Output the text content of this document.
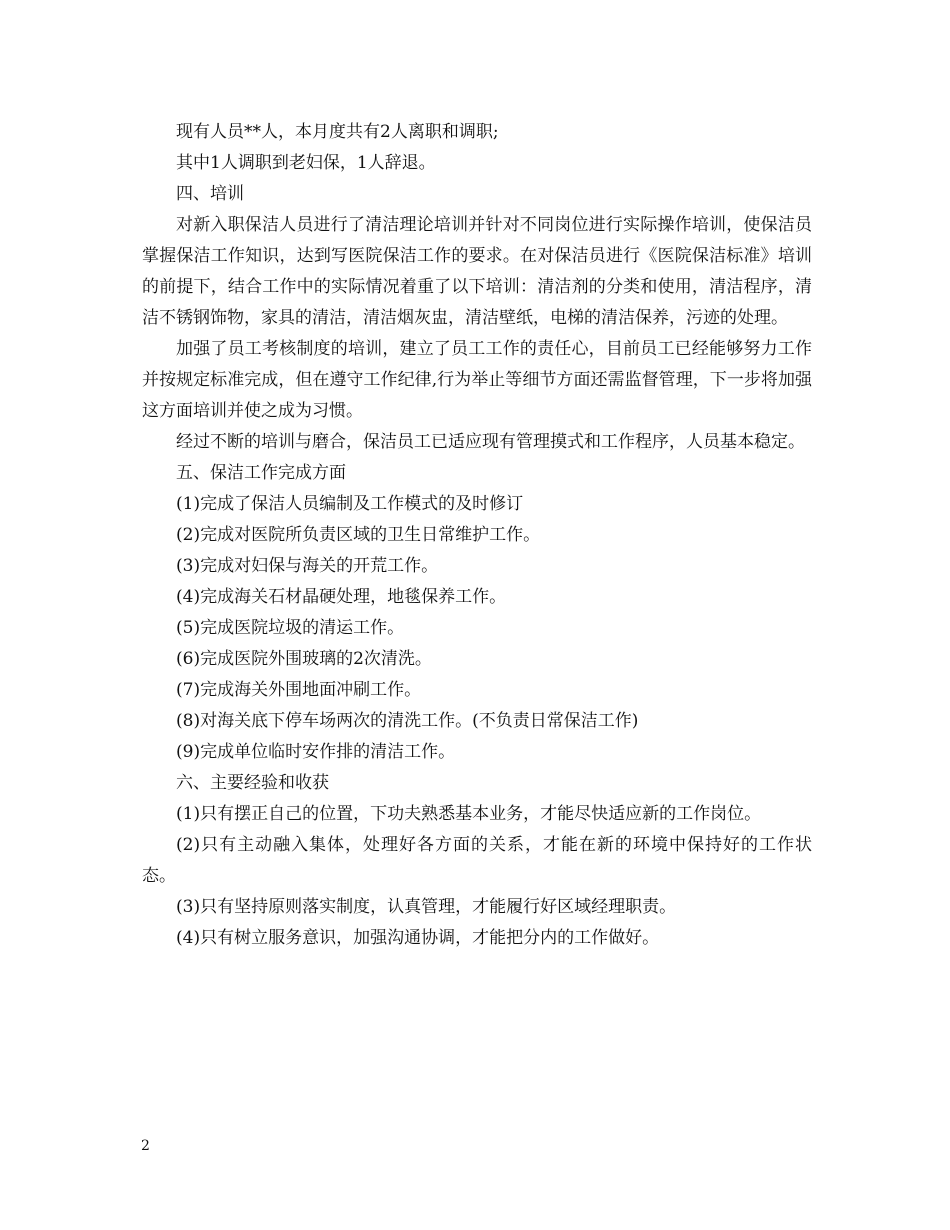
现有人员**人，本月度共有2人离职和调职;

其中1人调职到老妇保，1人辞退。

四、培训

对新入职保洁人员进行了清洁理论培训并针对不同岗位进行实际操作培训，使保洁员掌握保洁工作知识，达到写医院保洁工作的要求。在对保洁员进行《医院保洁标准》培训的前提下，结合工作中的实际情况着重了以下培训：清洁剂的分类和使用，清洁程序，清洁不锈钢饰物，家具的清洁，清洁烟灰盅，清洁壁纸，电梯的清洁保养，污迹的处理。

加强了员工考核制度的培训，建立了员工工作的责任心，目前员工已经能够努力工作并按规定标准完成，但在遵守工作纪律,行为举止等细节方面还需监督管理，下一步将加强这方面培训并使之成为习惯。

经过不断的培训与磨合，保洁员工已适应现有管理摸式和工作程序，人员基本稳定。

五、保洁工作完成方面

(1)完成了保洁人员编制及工作模式的及时修订

(2)完成对医院所负责区域的卫生日常维护工作。

(3)完成对妇保与海关的开荒工作。

(4)完成海关石材晶硬处理，地毯保养工作。

(5)完成医院垃圾的清运工作。

(6)完成医院外围玻璃的2次清洗。

(7)完成海关外围地面冲刷工作。

(8)对海关底下停车场两次的清洗工作。(不负责日常保洁工作)

(9)完成单位临时安作排的清洁工作。

六、主要经验和收获

(1)只有摆正自己的位置，下功夫熟悉基本业务，才能尽快适应新的工作岗位。

(2)只有主动融入集体，处理好各方面的关系，才能在新的环境中保持好的工作状态。

(3)只有坚持原则落实制度，认真管理，才能履行好区域经理职责。

(4)只有树立服务意识，加强沟通协调，才能把分内的工作做好。

2
